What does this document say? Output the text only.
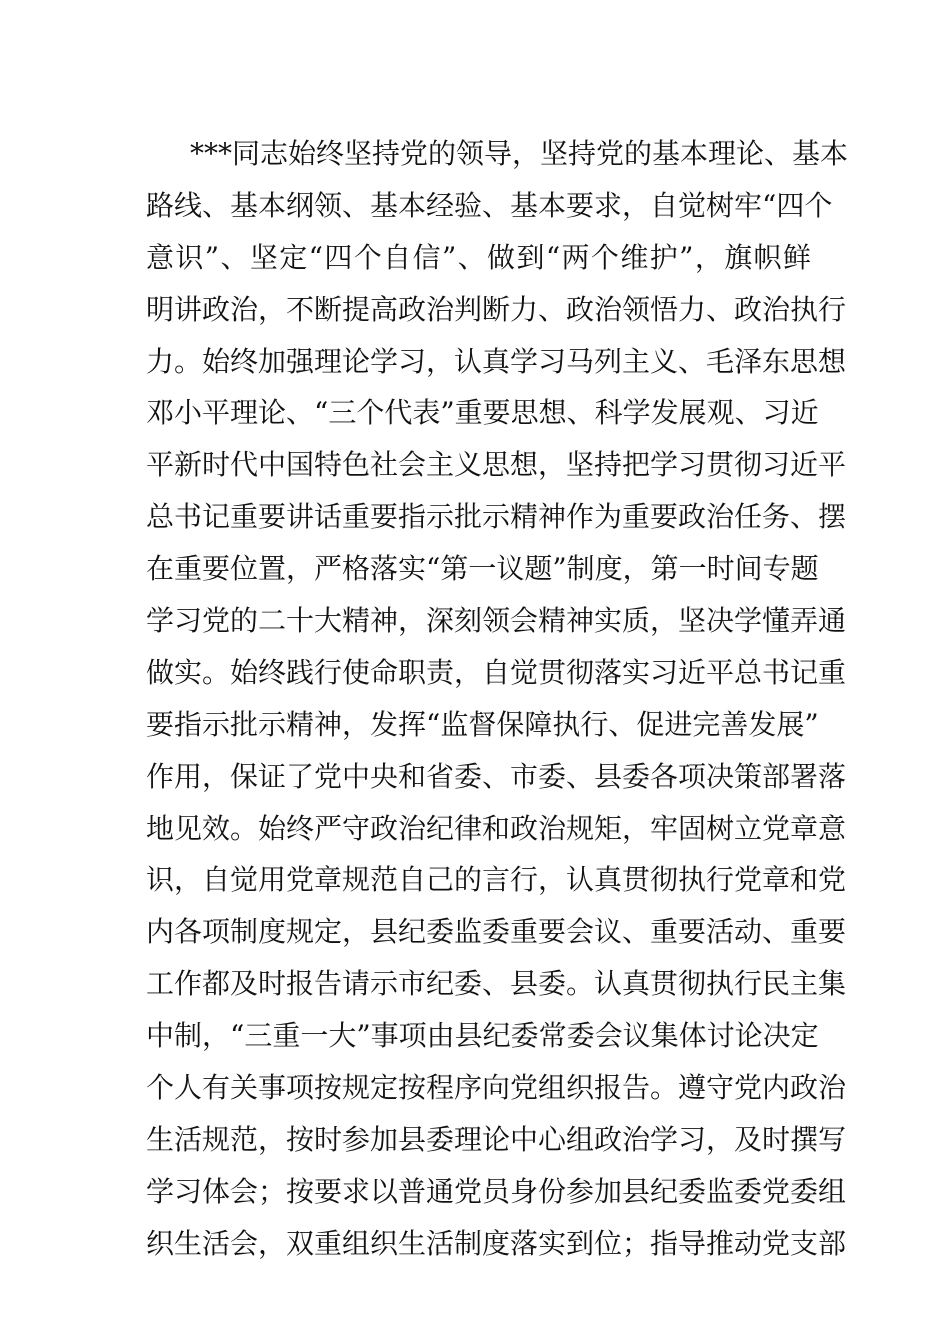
***同志始终坚持党的领导，坚持党的基本理论、基本
路线、基本纲领、基本经验、基本要求，自觉树牢“四个
意识”、坚定“四个自信”、做到“两个维护”，旗帜鲜
明讲政治，不断提高政治判断力、政治领悟力、政治执行
力。始终加强理论学习，认真学习马列主义、毛泽东思想
邓小平理论、“三个代表”重要思想、科学发展观、习近
平新时代中国特色社会主义思想，坚持把学习贯彻习近平
总书记重要讲话重要指示批示精神作为重要政治任务、摆
在重要位置，严格落实“第一议题”制度，第一时间专题
学习党的二十大精神，深刻领会精神实质，坚决学懂弄通
做实。始终践行使命职责，自觉贯彻落实习近平总书记重
要指示批示精神，发挥“监督保障执行、促进完善发展”
作用，保证了党中央和省委、市委、县委各项决策部署落
地见效。始终严守政治纪律和政治规矩，牢固树立党章意
识，自觉用党章规范自己的言行，认真贯彻执行党章和党
内各项制度规定，县纪委监委重要会议、重要活动、重要
工作都及时报告请示市纪委、县委。认真贯彻执行民主集
中制，“三重一大”事项由县纪委常委会议集体讨论决定
个人有关事项按规定按程序向党组织报告。遵守党内政治
生活规范，按时参加县委理论中心组政治学习，及时撰写
学习体会；按要求以普通党员身份参加县纪委监委党委组
织生活会，双重组织生活制度落实到位；指导推动党支部
